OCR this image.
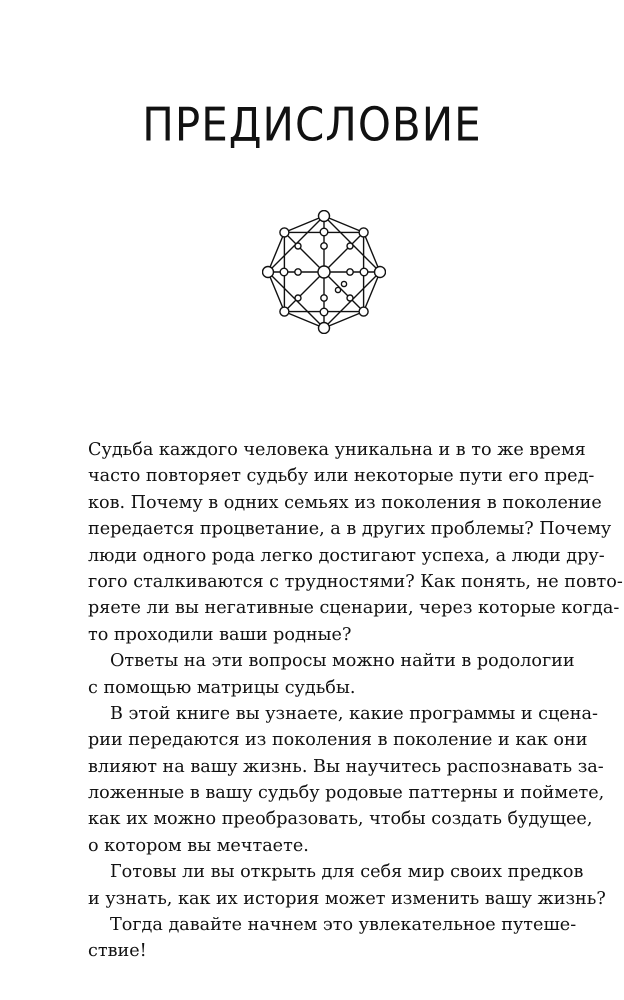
ПРЕДИСЛОВИЕ
Судьба каждого человека уникальна и в то же время
часто повторяет судьбу или некоторые пути его пред-
ков. Почему в одних семьях из поколения в поколение
передается процветание, а в других проблемы? Почему
люди одного рода легко достигают успеха, а люди дру-
гого сталкиваются с трудностями? Как понять, не повто-
ряете ли вы негативные сценарии, через которые когда-
то проходили ваши родные?
Ответы на эти вопросы можно найти в родологии
с помощью матрицы судьбы.
В этой книге вы узнаете, какие программы и сцена-
рии передаются из поколения в поколение и как они
влияют на вашу жизнь. Вы научитесь распознавать за-
ложенные в вашу судьбу родовые паттерны и поймете,
как их можно преобразовать, чтобы создать будущее,
о котором вы мечтаете.
Готовы ли вы открыть для себя мир своих предков
и узнать, как их история может изменить вашу жизнь?
Тогда давайте начнем это увлекательное путеше-
ствие!
